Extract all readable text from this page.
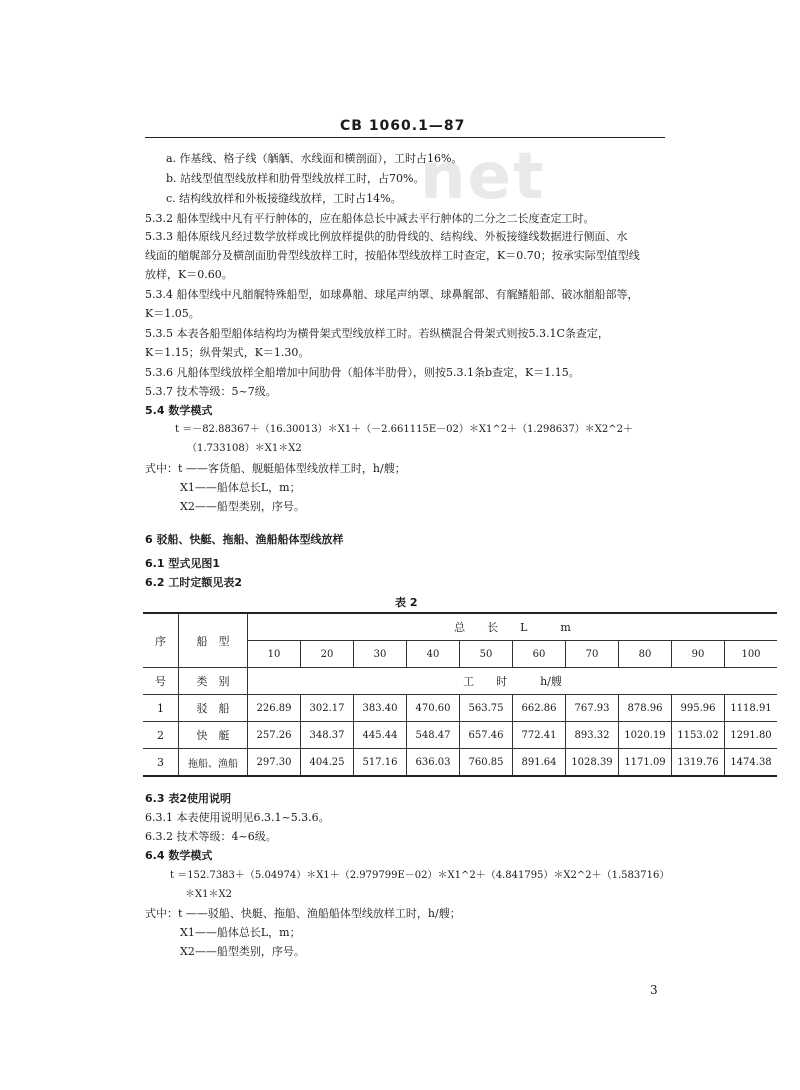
CB 1060.1—87
net
a. 作基线、格子线（舾舾、水线面和横剖面），工时占16%。
b. 站线型值型线放样和肋骨型线放样工时，占70%。
c. 结构线放样和外板接缝线放样，工时占14%。
5.3.2 船体型线中凡有平行舯体的，应在船体总长中减去平行舯体的二分之二长度查定工时。
5.3.3 船体原线凡经过数学放样或比例放样提供的肋骨线的、结构线、外板接缝线数据进行侧面、水
线面的艏艉部分及横剖面肋骨型线放样工时，按船体型线放样工时查定，K＝0.70；按承实际型值型线
放样，K＝0.60。
5.3.4 船体型线中凡艏艉特殊船型，如球鼻艏、球尾声纳罩、球鼻艉部、有艉鳍船部、破冰艏船部等，
K＝1.05。
5.3.5 本表各船型船体结构均为横骨架式型线放样工时。若纵横混合骨架式则按5.3.1C条查定，
K＝1.15；纵骨架式，K＝1.30。
5.3.6 凡船体型线放样全船增加中间肋骨（船体半肋骨），则按5.3.1条b查定，K＝1.15。
5.3.7 技术等级：5~7级。
5.4 数学模式
t ＝－82.88367＋（16.30013）＊X1＋（－2.661115E－02）＊X1^2＋（1.298637）＊X2^2＋
（1.733108）＊X1＊X2
式中：t ——客货船、舰艇船体型线放样工时，h/艘；
X1——船体总长L，m；
X2——船型类别，序号。
6 驳船、快艇、拖船、渔船船体型线放样
6.1 型式见图1
6.2 工时定额见表2
表 2
序	船　型	总　　长　　L　　　m									
		10	20	30	40	50	60	70	80	90	100
号	类　别	工　　时　　　h/艘									
1	驳　船	226.89	302.17	383.40	470.60	563.75	662.86	767.93	878.96	995.96	1118.91
2	快　艇	257.26	348.37	445.44	548.47	657.46	772.41	893.32	1020.19	1153.02	1291.80
3	拖船、渔船	297.30	404.25	517.16	636.03	760.85	891.64	1028.39	1171.09	1319.76	1474.38
6.3 表2使用说明
6.3.1 本表使用说明见6.3.1~5.3.6。
6.3.2 技术等级：4~6级。
6.4 数学模式
t ＝152.7383＋（5.04974）＊X1＋（2.979799E－02）＊X1^2＋（4.841795）＊X2^2＋（1.583716）
＊X1＊X2
式中：t ——驳船、快艇、拖船、渔船船体型线放样工时，h/艘；
X1——船体总长L，m；
X2——船型类别，序号。
3
